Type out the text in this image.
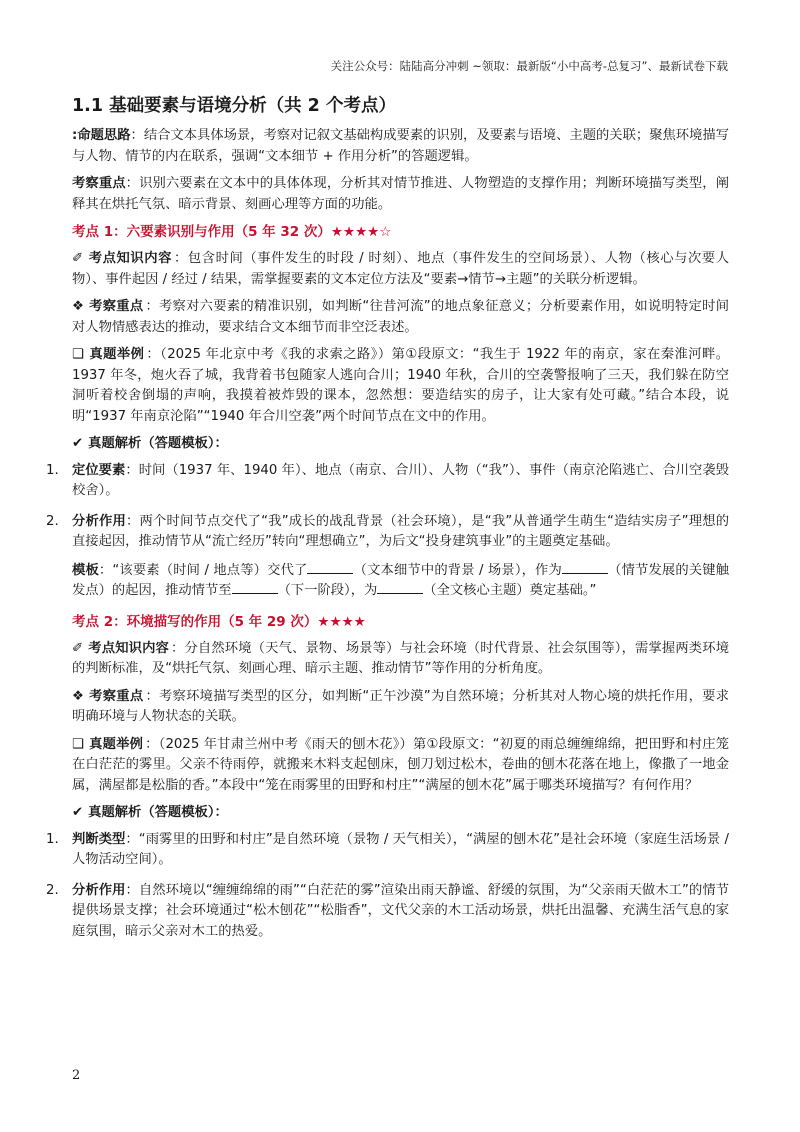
关注公众号：陆陆高分冲刺 ~领取：最新版“小中高考-总复习”、最新试卷下载
1.1 基础要素与语境分析（共 2 个考点）

:命题思路：结合文本具体场景，考察对记叙文基础构成要素的识别，及要素与语境、主题的关联；聚焦环境描写与人物、情节的内在联系，强调“文本细节 + 作用分析”的答题逻辑。

考察重点：识别六要素在文本中的具体体现，分析其对情节推进、人物塑造的支撑作用；判断环境描写类型，阐释其在烘托气氛、暗示背景、刻画心理等方面的功能。

考点 1：六要素识别与作用（5 年 32 次）★★★★☆

✐ 考点知识内容 ：包含时间（事件发生的时段 / 时刻）、地点（事件发生的空间场景）、人物（核心与次要人物）、事件起因 / 经过 / 结果，需掌握要素的文本定位方法及“要素→情节→主题”的关联分析逻辑。

❖ 考察重点 ：考察对六要素的精准识别，如判断“往昔河流”的地点象征意义；分析要素作用，如说明特定时间对人物情感表达的推动，要求结合文本细节而非空泛表述。

❑ 真题举例 ：（2025 年北京中考《我的求索之路》）第①段原文：“我生于 1922 年的南京，家在秦淮河畔。1937 年冬，炮火吞了城，我背着书包随家人逃向合川；1940 年秋，合川的空袭警报响了三天，我们躲在防空洞听着校舍倒塌的声响，我摸着被炸毁的课本，忽然想：要造结实的房子，让大家有处可藏。”结合本段，说明“1937 年南京沦陷”“1940 年合川空袭”两个时间节点在文中的作用。

✔ 真题解析（答题模板）：

1. 定位要素：时间（1937 年、1940 年）、地点（南京、合川）、人物（“我”）、事件（南京沦陷逃亡、合川空袭毁校舍）。

2. 分析作用：两个时间节点交代了“我”成长的战乱背景（社会环境），是“我”从普通学生萌生“造结实房子”理想的直接起因，推动情节从“流亡经历”转向“理想确立”，为后文“投身建筑事业”的主题奠定基础。

模板：“该要素（时间 / 地点等）交代了	（文本细节中的背景 / 场景），作为	（情节发展的关键触发点）的起因，推动情节至	（下一阶段），为	（全文核心主题）奠定基础。”

考点 2：环境描写的作用（5 年 29 次）★★★★

✐ 考点知识内容 ：分自然环境（天气、景物、场景等）与社会环境（时代背景、社会氛围等），需掌握两类环境的判断标准，及“烘托气氛、刻画心理、暗示主题、推动情节”等作用的分析角度。

❖ 考察重点 ：考察环境描写类型的区分，如判断“正午沙漠”为自然环境；分析其对人物心境的烘托作用，要求明确环境与人物状态的关联。

❑ 真题举例 ：（2025 年甘肃兰州中考《雨天的刨木花》）第①段原文：“初夏的雨总缠缠绵绵，把田野和村庄笼在白茫茫的雾里。父亲不待雨停，就搬来木料支起刨床，刨刀划过松木，卷曲的刨木花落在地上，像撒了一地金属，满屋都是松脂的香。”本段中“笼在雨雾里的田野和村庄”“满屋的刨木花”属于哪类环境描写？有何作用？

✔ 真题解析（答题模板）：

1. 判断类型：“雨雾里的田野和村庄”是自然环境（景物 / 天气相关），“满屋的刨木花”是社会环境（家庭生活场景 / 人物活动空间）。

2. 分析作用：自然环境以“缠缠绵绵的雨”“白茫茫的雾”渲染出雨天静谧、舒缓的氛围，为“父亲雨天做木工”的情节提供场景支撑；社会环境通过“松木刨花”“松脂香”，文代父亲的木工活动场景，烘托出温馨、充满生活气息的家庭氛围，暗示父亲对木工的热爱。

2
